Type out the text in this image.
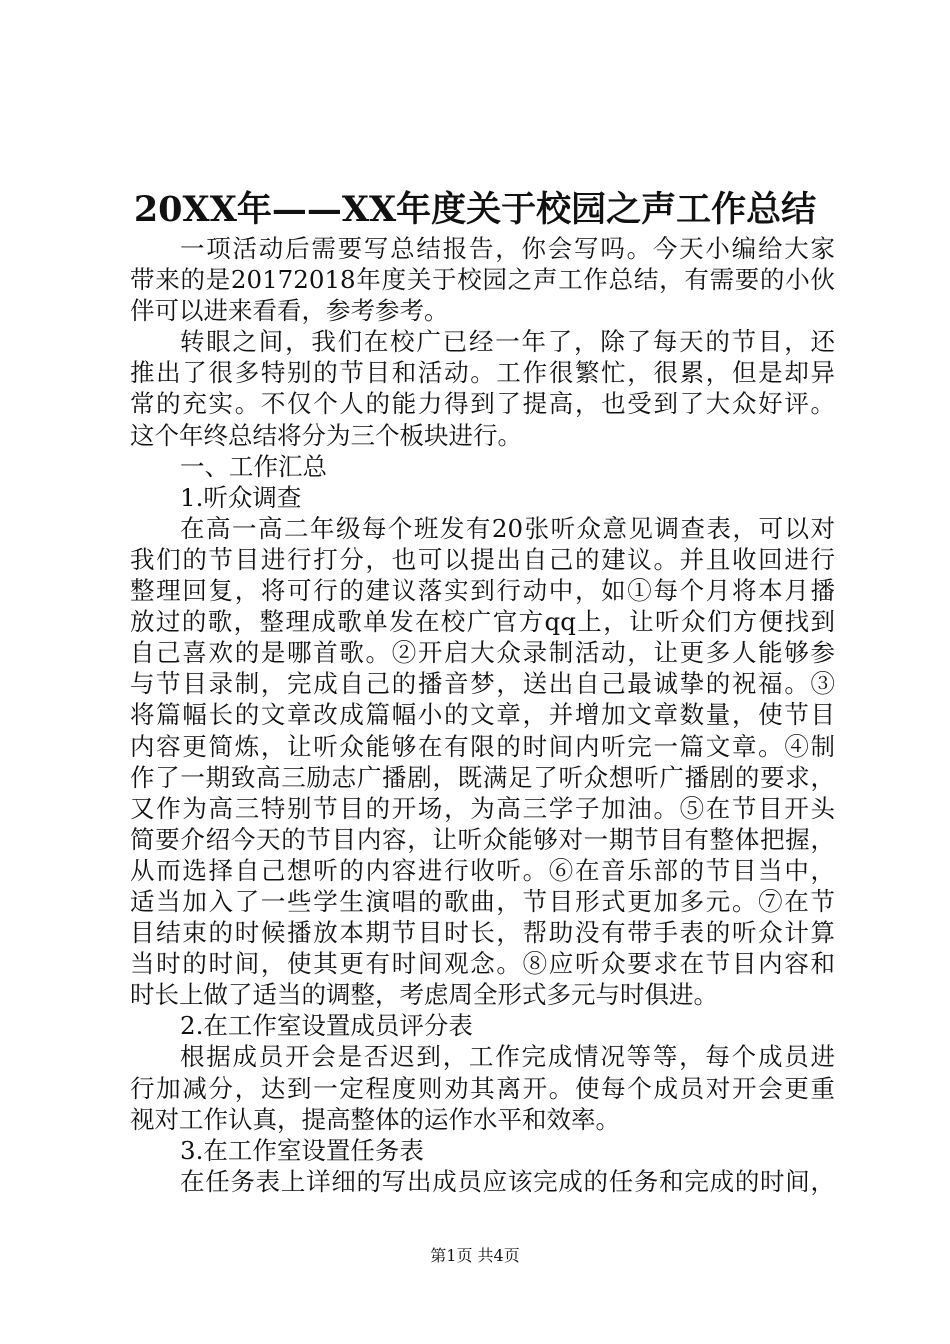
20XX年——XX年度关于校园之声工作总结
一项活动后需要写总结报告，你会写吗。今天小编给大家
带来的是20172018年度关于校园之声工作总结，有需要的小伙
伴可以进来看看，参考参考。
转眼之间，我们在校广已经一年了，除了每天的节目，还
推出了很多特别的节目和活动。工作很繁忙，很累，但是却异
常的充实。不仅个人的能力得到了提高，也受到了大众好评。
这个年终总结将分为三个板块进行。
一、工作汇总
1.听众调查
在高一高二年级每个班发有20张听众意见调查表，可以对
我们的节目进行打分，也可以提出自己的建议。并且收回进行
整理回复，将可行的建议落实到行动中，如①每个月将本月播
放过的歌，整理成歌单发在校广官方qq上，让听众们方便找到
自己喜欢的是哪首歌。②开启大众录制活动，让更多人能够参
与节目录制，完成自己的播音梦，送出自己最诚挚的祝福。③
将篇幅长的文章改成篇幅小的文章，并增加文章数量，使节目
内容更简炼，让听众能够在有限的时间内听完一篇文章。④制
作了一期致高三励志广播剧，既满足了听众想听广播剧的要求，
又作为高三特别节目的开场，为高三学子加油。⑤在节目开头
简要介绍今天的节目内容，让听众能够对一期节目有整体把握，
从而选择自己想听的内容进行收听。⑥在音乐部的节目当中，
适当加入了一些学生演唱的歌曲，节目形式更加多元。⑦在节
目结束的时候播放本期节目时长，帮助没有带手表的听众计算
当时的时间，使其更有时间观念。⑧应听众要求在节目内容和
时长上做了适当的调整，考虑周全形式多元与时俱进。
2.在工作室设置成员评分表
根据成员开会是否迟到，工作完成情况等等，每个成员进
行加减分，达到一定程度则劝其离开。使每个成员对开会更重
视对工作认真，提高整体的运作水平和效率。
3.在工作室设置任务表
在任务表上详细的写出成员应该完成的任务和完成的时间，
第1页 共4页
